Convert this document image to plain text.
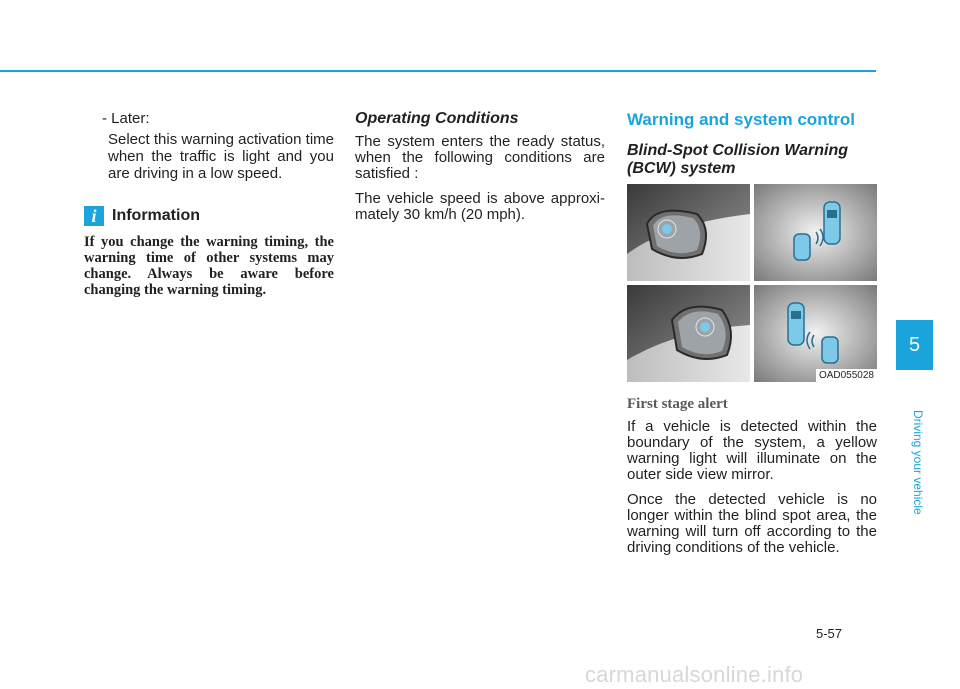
- Later:

Select this warning activation time when the traffic is light and you are driving in a low speed.

i Information

If you change the warning timing, the warning time of other systems may change. Always be aware before changing the warning timing.

Operating Conditions

The system enters the ready status, when the following conditions are satisfied :

The vehicle speed is above approxi-mately 30 km/h (20 mph).

Warning and system control

Blind-Spot Collision Warning (BCW) system

OAD055028

First stage alert

If a vehicle is detected within the boundary of the system, a yellow warning light will illuminate on the outer side view mirror.

Once the detected vehicle is no longer within the blind spot area, the warning will turn off according to the driving conditions of the vehicle.

5
Driving your vehicle
5-57
carmanualsonline.info
